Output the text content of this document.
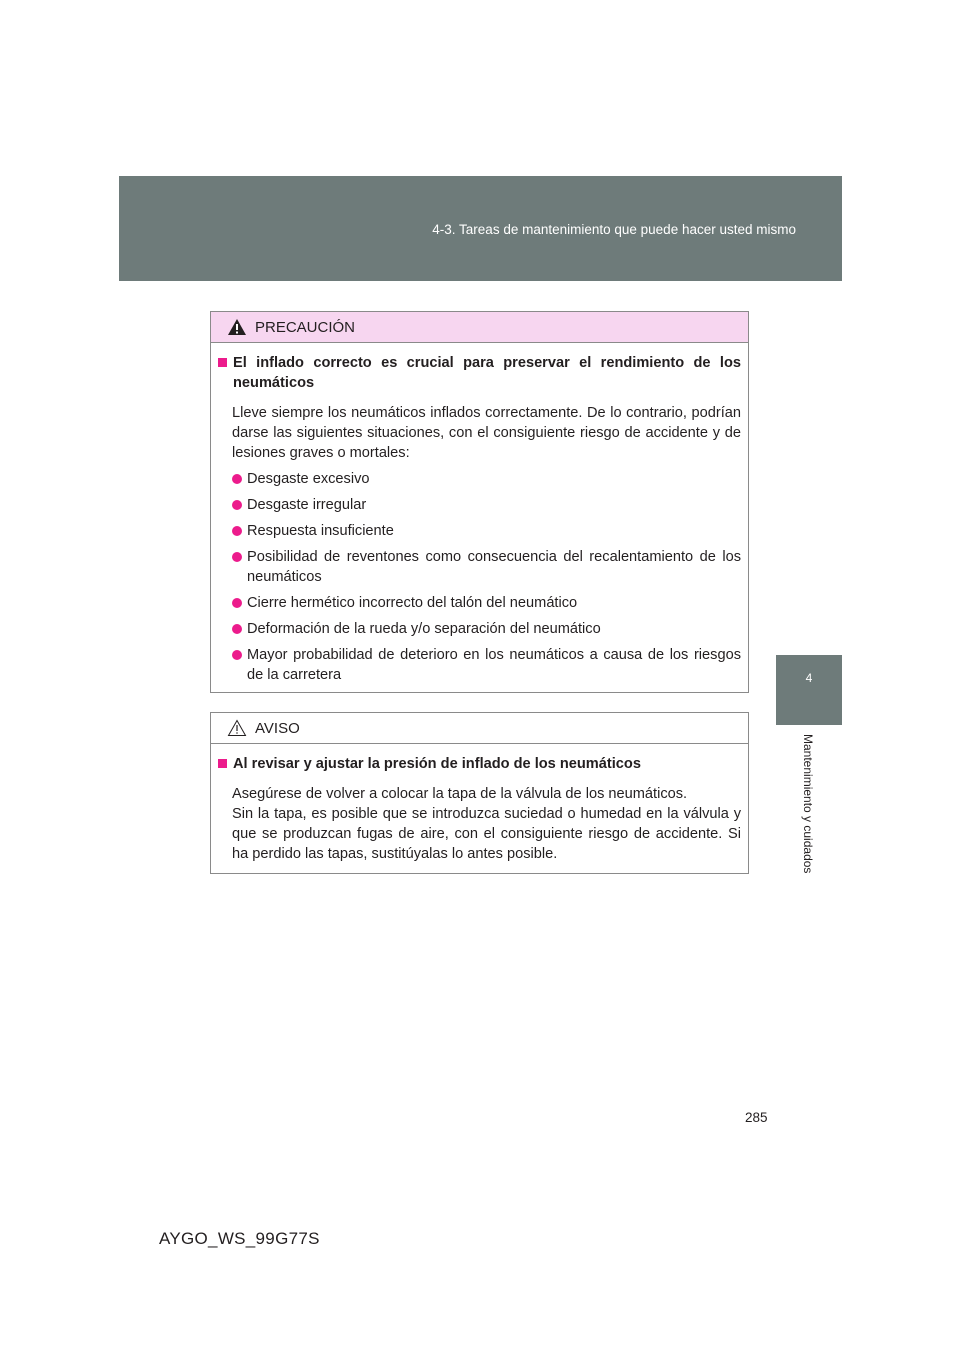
4-3. Tareas de mantenimiento que puede hacer usted mismo
4
Mantenimiento y cuidados
PRECAUCIÓN
El inflado correcto es crucial para preservar el rendimiento de los neumáticos
Lleve siempre los neumáticos inflados correctamente. De lo contrario, podrían darse las siguientes situaciones, con el consiguiente riesgo de accidente y de lesiones graves o mortales:
Desgaste excesivo
Desgaste irregular
Respuesta insuficiente
Posibilidad de reventones como consecuencia del recalentamiento de los neumáticos
Cierre hermético incorrecto del talón del neumático
Deformación de la rueda y/o separación del neumático
Mayor probabilidad de deterioro en los neumáticos a causa de los riesgos de la carretera
AVISO
Al revisar y ajustar la presión de inflado de los neumáticos
Asegúrese de volver a colocar la tapa de la válvula de los neumáticos.
Sin la tapa, es posible que se introduzca suciedad o humedad en la válvula y que se produzcan fugas de aire, con el consiguiente riesgo de accidente. Si ha perdido las tapas, sustitúyalas lo antes posible.
285
AYGO_WS_99G77S
